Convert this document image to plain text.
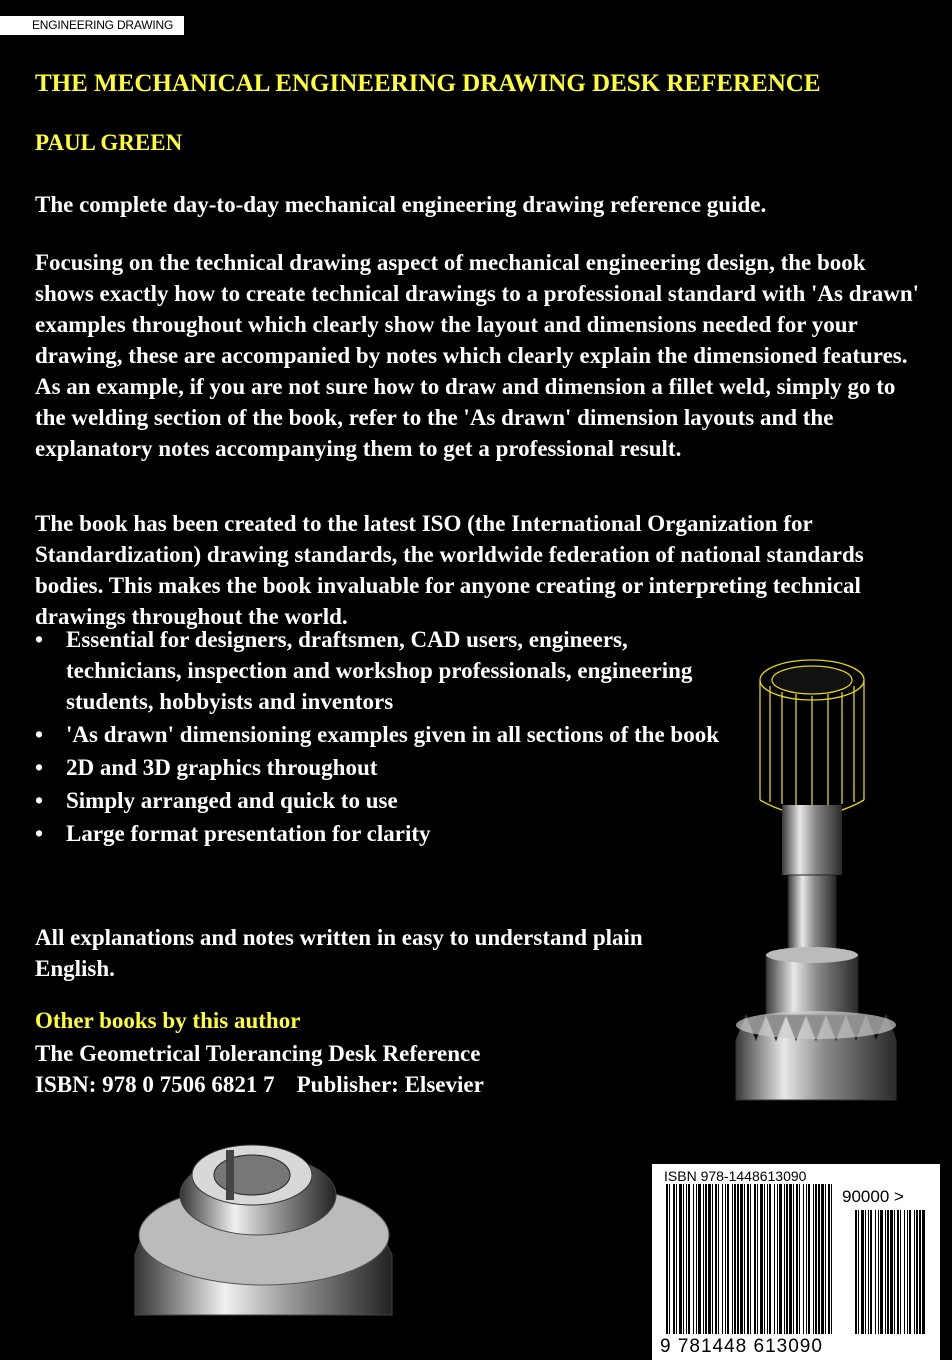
ENGINEERING DRAWING
THE MECHANICAL ENGINEERING DRAWING DESK REFERENCE
PAUL GREEN

The complete day-to-day mechanical engineering drawing reference guide.

Focusing on the technical drawing aspect of mechanical engineering design, the book shows exactly how to create technical drawings to a professional standard with 'As drawn' examples throughout which clearly show the layout and dimensions needed for your drawing, these are accompanied by notes which clearly explain the dimensioned features. As an example, if you are not sure how to draw and dimension a fillet weld, simply go to the welding section of the book, refer to the 'As drawn' dimension layouts and the explanatory notes accompanying them to get a professional result.

The book has been created to the latest ISO (the International Organization for Standardization) drawing standards, the worldwide federation of national standards bodies. This makes the book invaluable for anyone creating or interpreting technical drawings throughout the world.

• Essential for designers, draftsmen, CAD users, engineers, technicians, inspection and workshop professionals, engineering students, hobbyists and inventors
• 'As drawn' dimensioning examples given in all sections of the book
• 2D and 3D graphics throughout
• Simply arranged and quick to use
• Large format presentation for clarity

All explanations and notes written in easy to understand plain English.

Other books by this author
The Geometrical Tolerancing Desk Reference
ISBN: 978 0 7506 6821 7 Publisher: Elsevier
ISBN 978-1448613090
90000 >
9 781448 613090
